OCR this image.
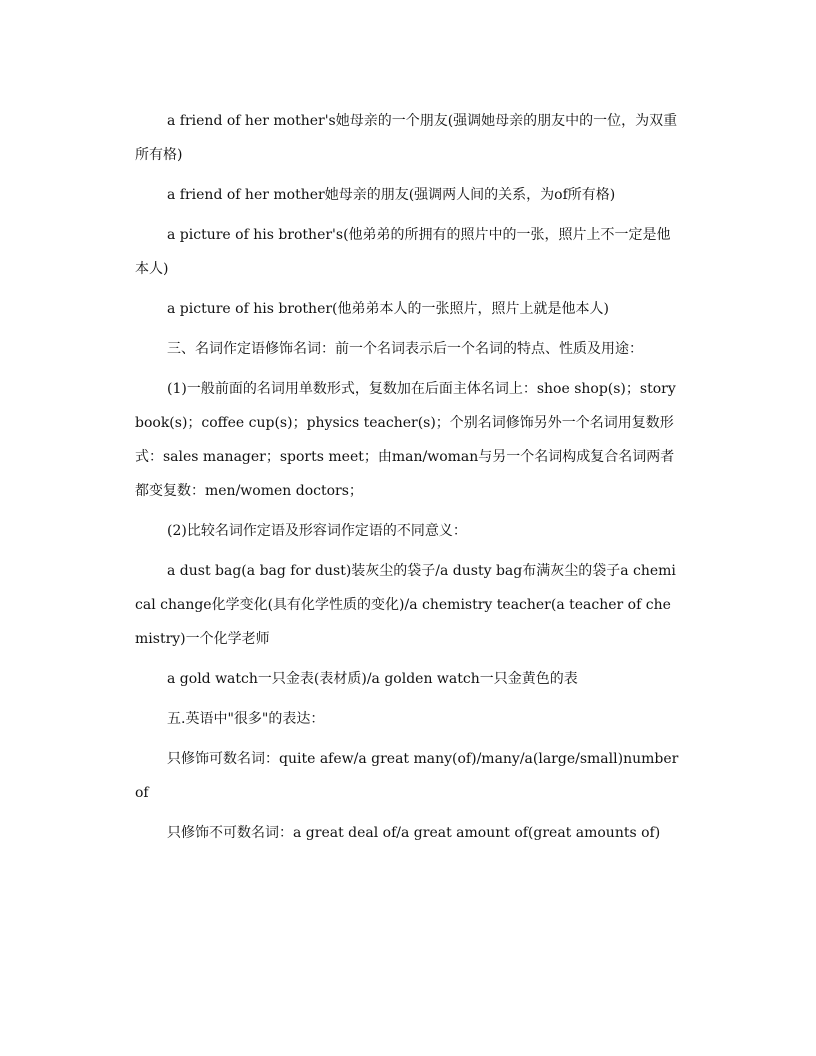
a friend of her mother's她母亲的一个朋友(强调她母亲的朋友中的一位，为双重所有格)

a friend of her mother她母亲的朋友(强调两人间的关系，为of所有格)

a picture of his brother's(他弟弟的所拥有的照片中的一张，照片上不一定是他本人)

a picture of his brother(他弟弟本人的一张照片，照片上就是他本人)

三、名词作定语修饰名词：前一个名词表示后一个名词的特点、性质及用途：

(1)一般前面的名词用单数形式，复数加在后面主体名词上：shoe shop(s)；story book(s)；coffee cup(s)；physics teacher(s)；个别名词修饰另外一个名词用复数形式：sales manager；sports meet；由man/woman与另一个名词构成复合名词两者都变复数：men/women doctors；

(2)比较名词作定语及形容词作定语的不同意义：

a dust bag(a bag for dust)装灰尘的袋子/a dusty bag布满灰尘的袋子a chemical change化学变化(具有化学性质的变化)/a chemistry teacher(a teacher of chemistry)一个化学老师

a gold watch一只金表(表材质)/a golden watch一只金黄色的表

五.英语中"很多"的表达：

只修饰可数名词：quite afew/a great many(of)/many/a(large/small)number of

只修饰不可数名词：a great deal of/a great amount of(great amounts of)
